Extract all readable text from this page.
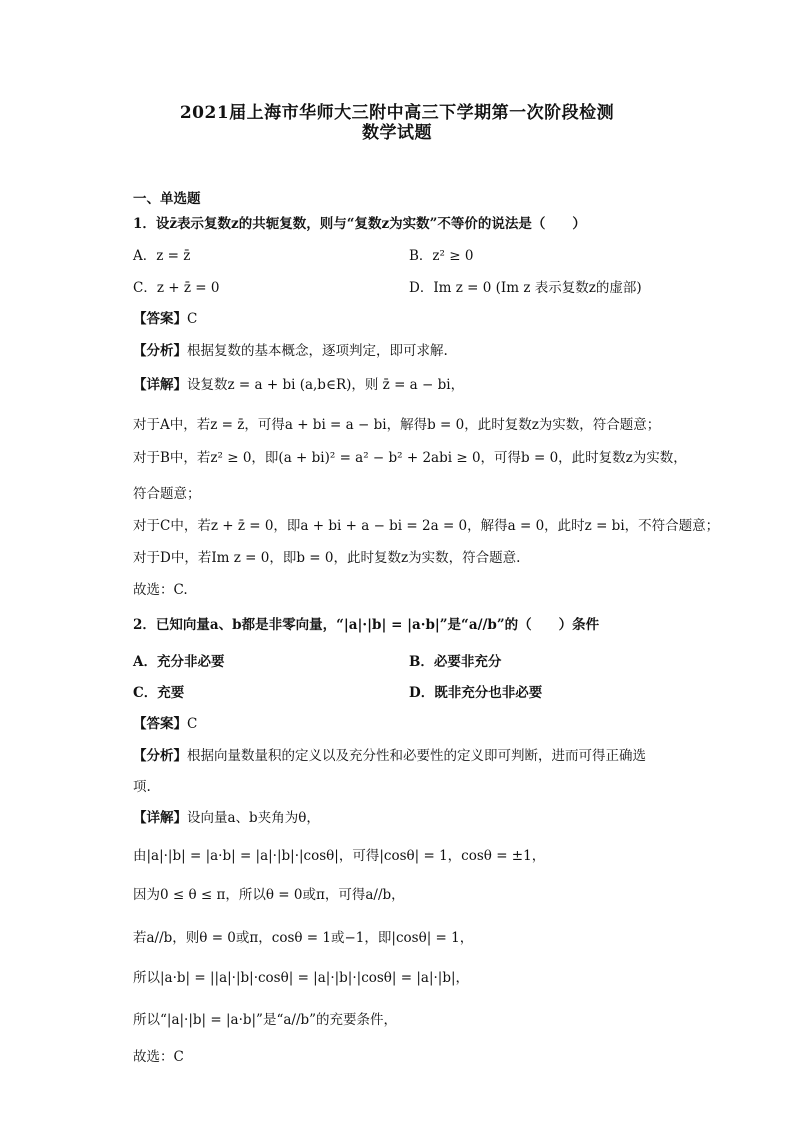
2021届上海市华师大三附中高三下学期第一次阶段检测
数学试题
一、单选题
1．设z̄表示复数z的共轭复数，则与“复数z为实数”不等价的说法是（　　）
A．z = z̄	B．z² ≥ 0
C．z + z̄ = 0	D．Im z = 0 (Im z 表示复数z的虚部)
【答案】C
【分析】根据复数的基本概念，逐项判定，即可求解.
【详解】设复数z = a + bi (a,b∈R)，则 z̄ = a − bi，
对于A中，若z = z̄，可得a + bi = a − bi，解得b = 0，此时复数z为实数，符合题意；
对于B中，若z² ≥ 0，即(a + bi)² = a² − b² + 2abi ≥ 0，可得b = 0，此时复数z为实数，
符合题意；
对于C中，若z + z̄ = 0，即a + bi + a − bi = 2a = 0，解得a = 0，此时z = bi，不符合题意；
对于D中，若Im z = 0，即b = 0，此时复数z为实数，符合题意.
故选：C.
2．已知向量a、b都是非零向量，“|a|·|b| = |a·b|”是“a//b”的（　　）条件
A．充分非必要	B．必要非充分
C．充要	D．既非充分也非必要
【答案】C
【分析】根据向量数量积的定义以及充分性和必要性的定义即可判断，进而可得正确选
项.
【详解】设向量a、b夹角为θ，
由|a|·|b| = |a·b| = |a|·|b|·|cosθ|，可得|cosθ| = 1，cosθ = ±1，
因为0 ≤ θ ≤ π，所以θ = 0或π，可得a//b，
若a//b，则θ = 0或π，cosθ = 1或−1，即|cosθ| = 1，
所以|a·b| = ||a|·|b|·cosθ| = |a|·|b|·|cosθ| = |a|·|b|，
所以“|a|·|b| = |a·b|”是“a//b”的充要条件，
故选：C
